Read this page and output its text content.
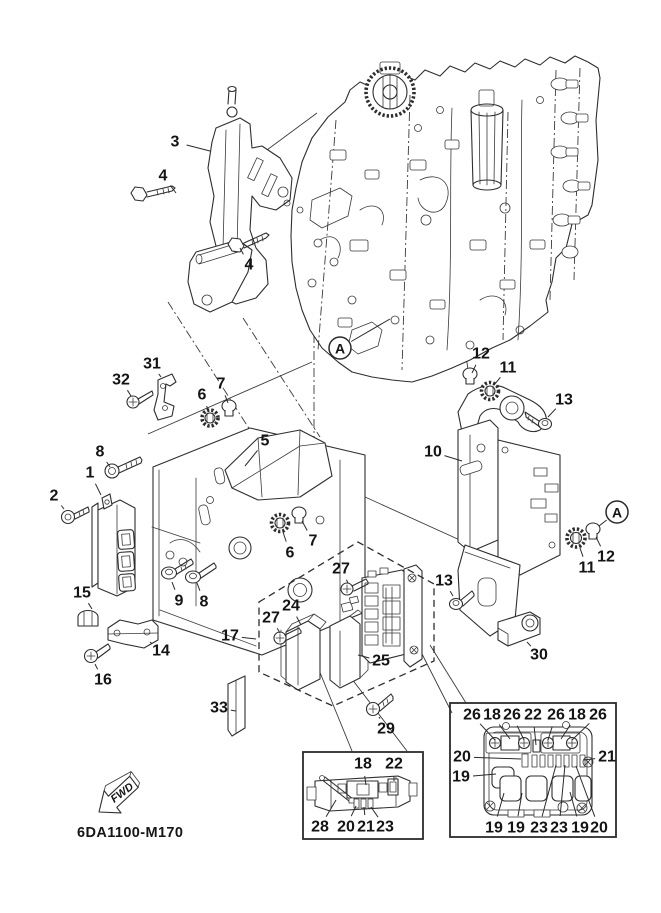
FWD
3
4
4
12
11
13
31
32	7
6
5
8
1
2
10
6
7
12
11
13
27
24
27
17
25
9 8
15
14
16
33
29
30
18 22
28 20 21 23
26 18 26 22 26 18 26
20
19
21
19 19 23 23 19 20
A
A
6DA1100-M170
